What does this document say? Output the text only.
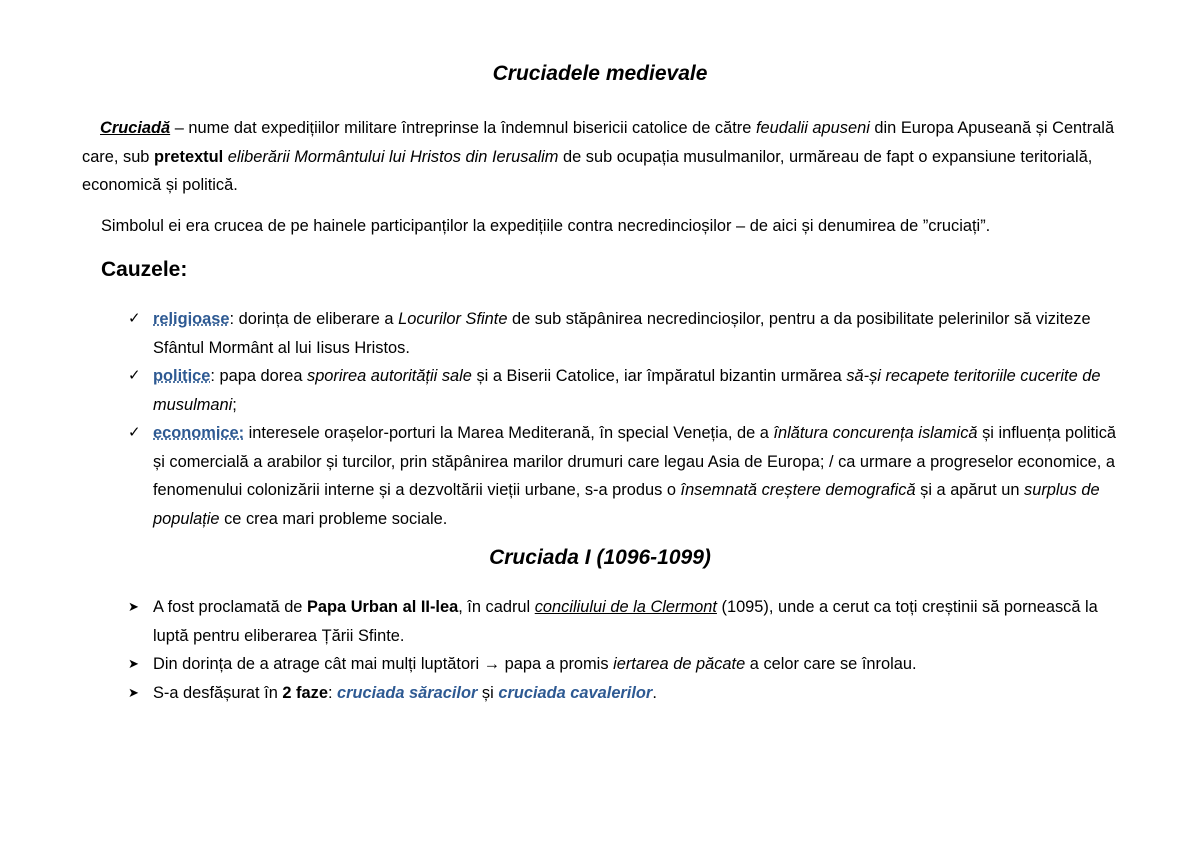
Cruciadele medievale

Cruciadă – nume dat expedițiilor militare întreprinse la îndemnul bisericii catolice de către feudalii apuseni din Europa Apuseană și Centrală care, sub pretextul eliberării Mormântului lui Hristos din Ierusalim de sub ocupația musulmanilor, urmăreau de fapt o expansiune teritorială, economică și politică.

Simbolul ei era crucea de pe hainele participanților la expedițiile contra necredincioșilor – de aici și denumirea de ”cruciați”.

Cauzele:
✓ religioase: dorința de eliberare a Locurilor Sfinte de sub stăpânirea necredincioșilor, pentru a da posibilitate pelerinilor să viziteze Sfântul Mormânt al lui Iisus Hristos.
✓ politice: papa dorea sporirea autorității sale și a Biserii Catolice, iar împăratul bizantin urmărea să-și recapete teritoriile cucerite de musulmani;
✓ economice: interesele orașelor-porturi la Marea Mediterană, în special Veneția, de a înlătura concurența islamică și influența politică și comercială a arabilor și turcilor, prin stăpânirea marilor drumuri care legau Asia de Europa; / ca urmare a progreselor economice, a fenomenului colonizării interne și a dezvoltării vieții urbane, s-a produs o însemnată creștere demografică și a apărut un surplus de populație ce crea mari probleme sociale.
Cruciada I (1096-1099)
➤ A fost proclamată de Papa Urban al II-lea, în cadrul conciliului de la Clermont (1095), unde a cerut ca toți creștinii să pornească la luptă pentru eliberarea Țării Sfinte.
➤ Din dorința de a atrage cât mai mulți luptători → papa a promis iertarea de păcate a celor care se înrolau.
➤ S-a desfășurat în 2 faze: cruciada săracilor și cruciada cavalerilor.
